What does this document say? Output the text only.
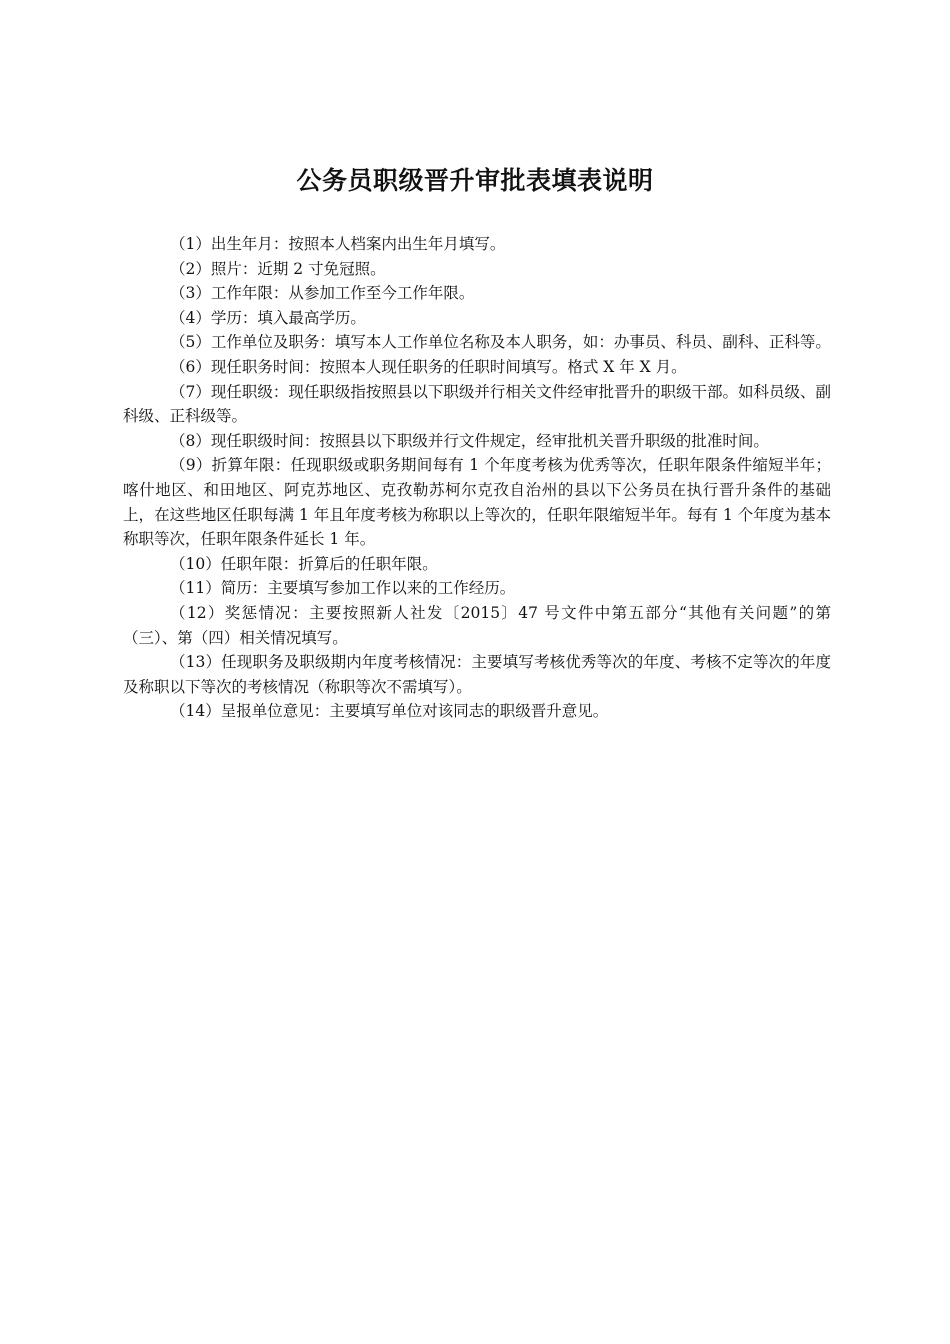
公务员职级晋升审批表填表说明
（1）出生年月：按照本人档案内出生年月填写。
（2）照片：近期 2 寸免冠照。
（3）工作年限：从参加工作至今工作年限。
（4）学历：填入最高学历。
（5）工作单位及职务：填写本人工作单位名称及本人职务，如：办事员、科员、副科、正科等。
（6）现任职务时间：按照本人现任职务的任职时间填写。格式 X 年 X 月。
（7）现任职级：现任职级指按照县以下职级并行相关文件经审批晋升的职级干部。如科员级、副科级、正科级等。
（8）现任职级时间：按照县以下职级并行文件规定，经审批机关晋升职级的批准时间。
（9）折算年限：任现职级或职务期间每有 1 个年度考核为优秀等次，任职年限条件缩短半年；喀什地区、和田地区、阿克苏地区、克孜勒苏柯尔克孜自治州的县以下公务员在执行晋升条件的基础上，在这些地区任职每满 1 年且年度考核为称职以上等次的，任职年限缩短半年。每有 1 个年度为基本称职等次，任职年限条件延长 1 年。
（10）任职年限：折算后的任职年限。
（11）简历：主要填写参加工作以来的工作经历。
（12）奖惩情况：主要按照新人社发〔2015〕47 号文件中第五部分“其他有关问题”的第（三）、第（四）相关情况填写。
（13）任现职务及职级期内年度考核情况：主要填写考核优秀等次的年度、考核不定等次的年度及称职以下等次的考核情况（称职等次不需填写）。
（14）呈报单位意见：主要填写单位对该同志的职级晋升意见。
